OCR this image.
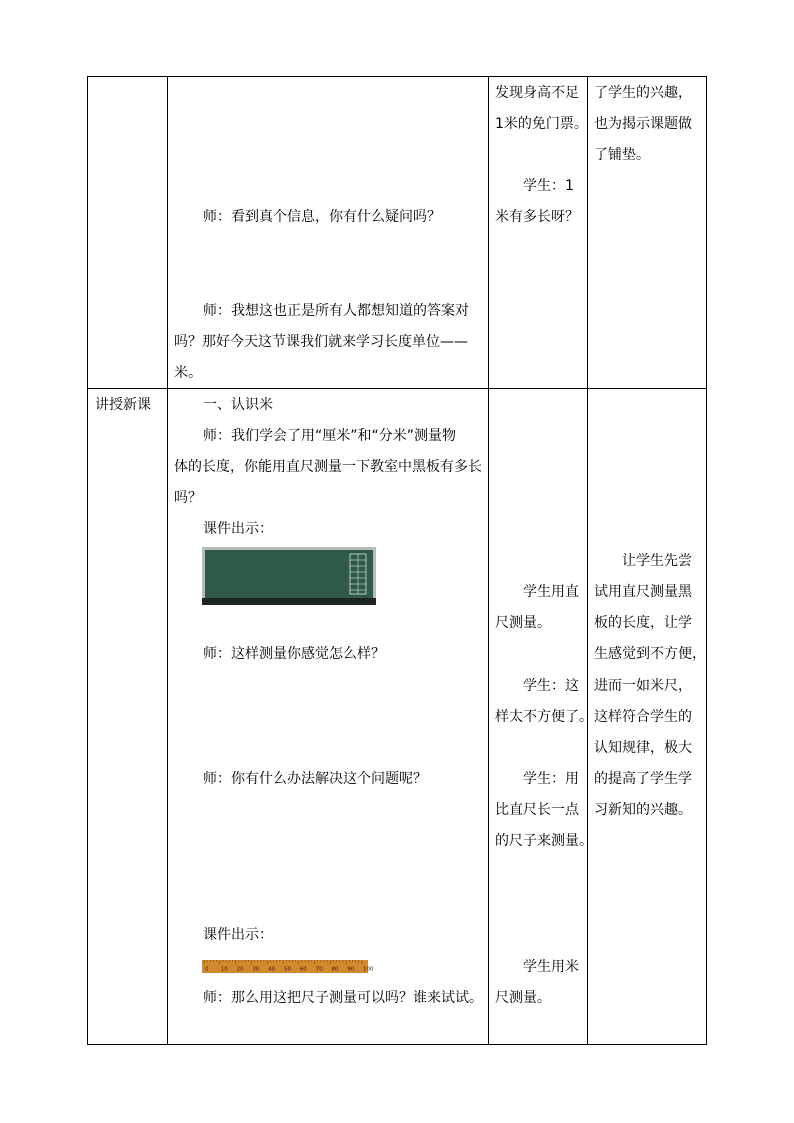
师：看到真个信息，你有什么疑问吗？
师：我想这也正是所有人都想知道的答案对
吗？那好今天这节课我们就来学习长度单位——
米。
发现身高不足
1米的免门票。
学生：1
米有多长呀？
了学生的兴趣，
也为揭示课题做
了铺垫。
讲授新课	一、认识米
师：我们学会了用“厘米”和“分米”测量物
体的长度，你能用直尺测量一下教室中黑板有多长
吗？
课件出示：
师：这样测量你感觉怎么样？
师：你有什么办法解决这个问题呢？
课件出示：
0 10 20 30 40 50 60 70 80 90 100
师：那么用这把尺子测量可以吗？谁来试试。
学生用直
尺测量。
学生：这
样太不方便了。
学生：用
比直尺长一点
的尺子来测量。
学生用米
尺测量。
让学生先尝
试用直尺测量黑
板的长度，让学
生感觉到不方便，
进而一如米尺，
这样符合学生的
认知规律，极大
的提高了学生学
习新知的兴趣。
